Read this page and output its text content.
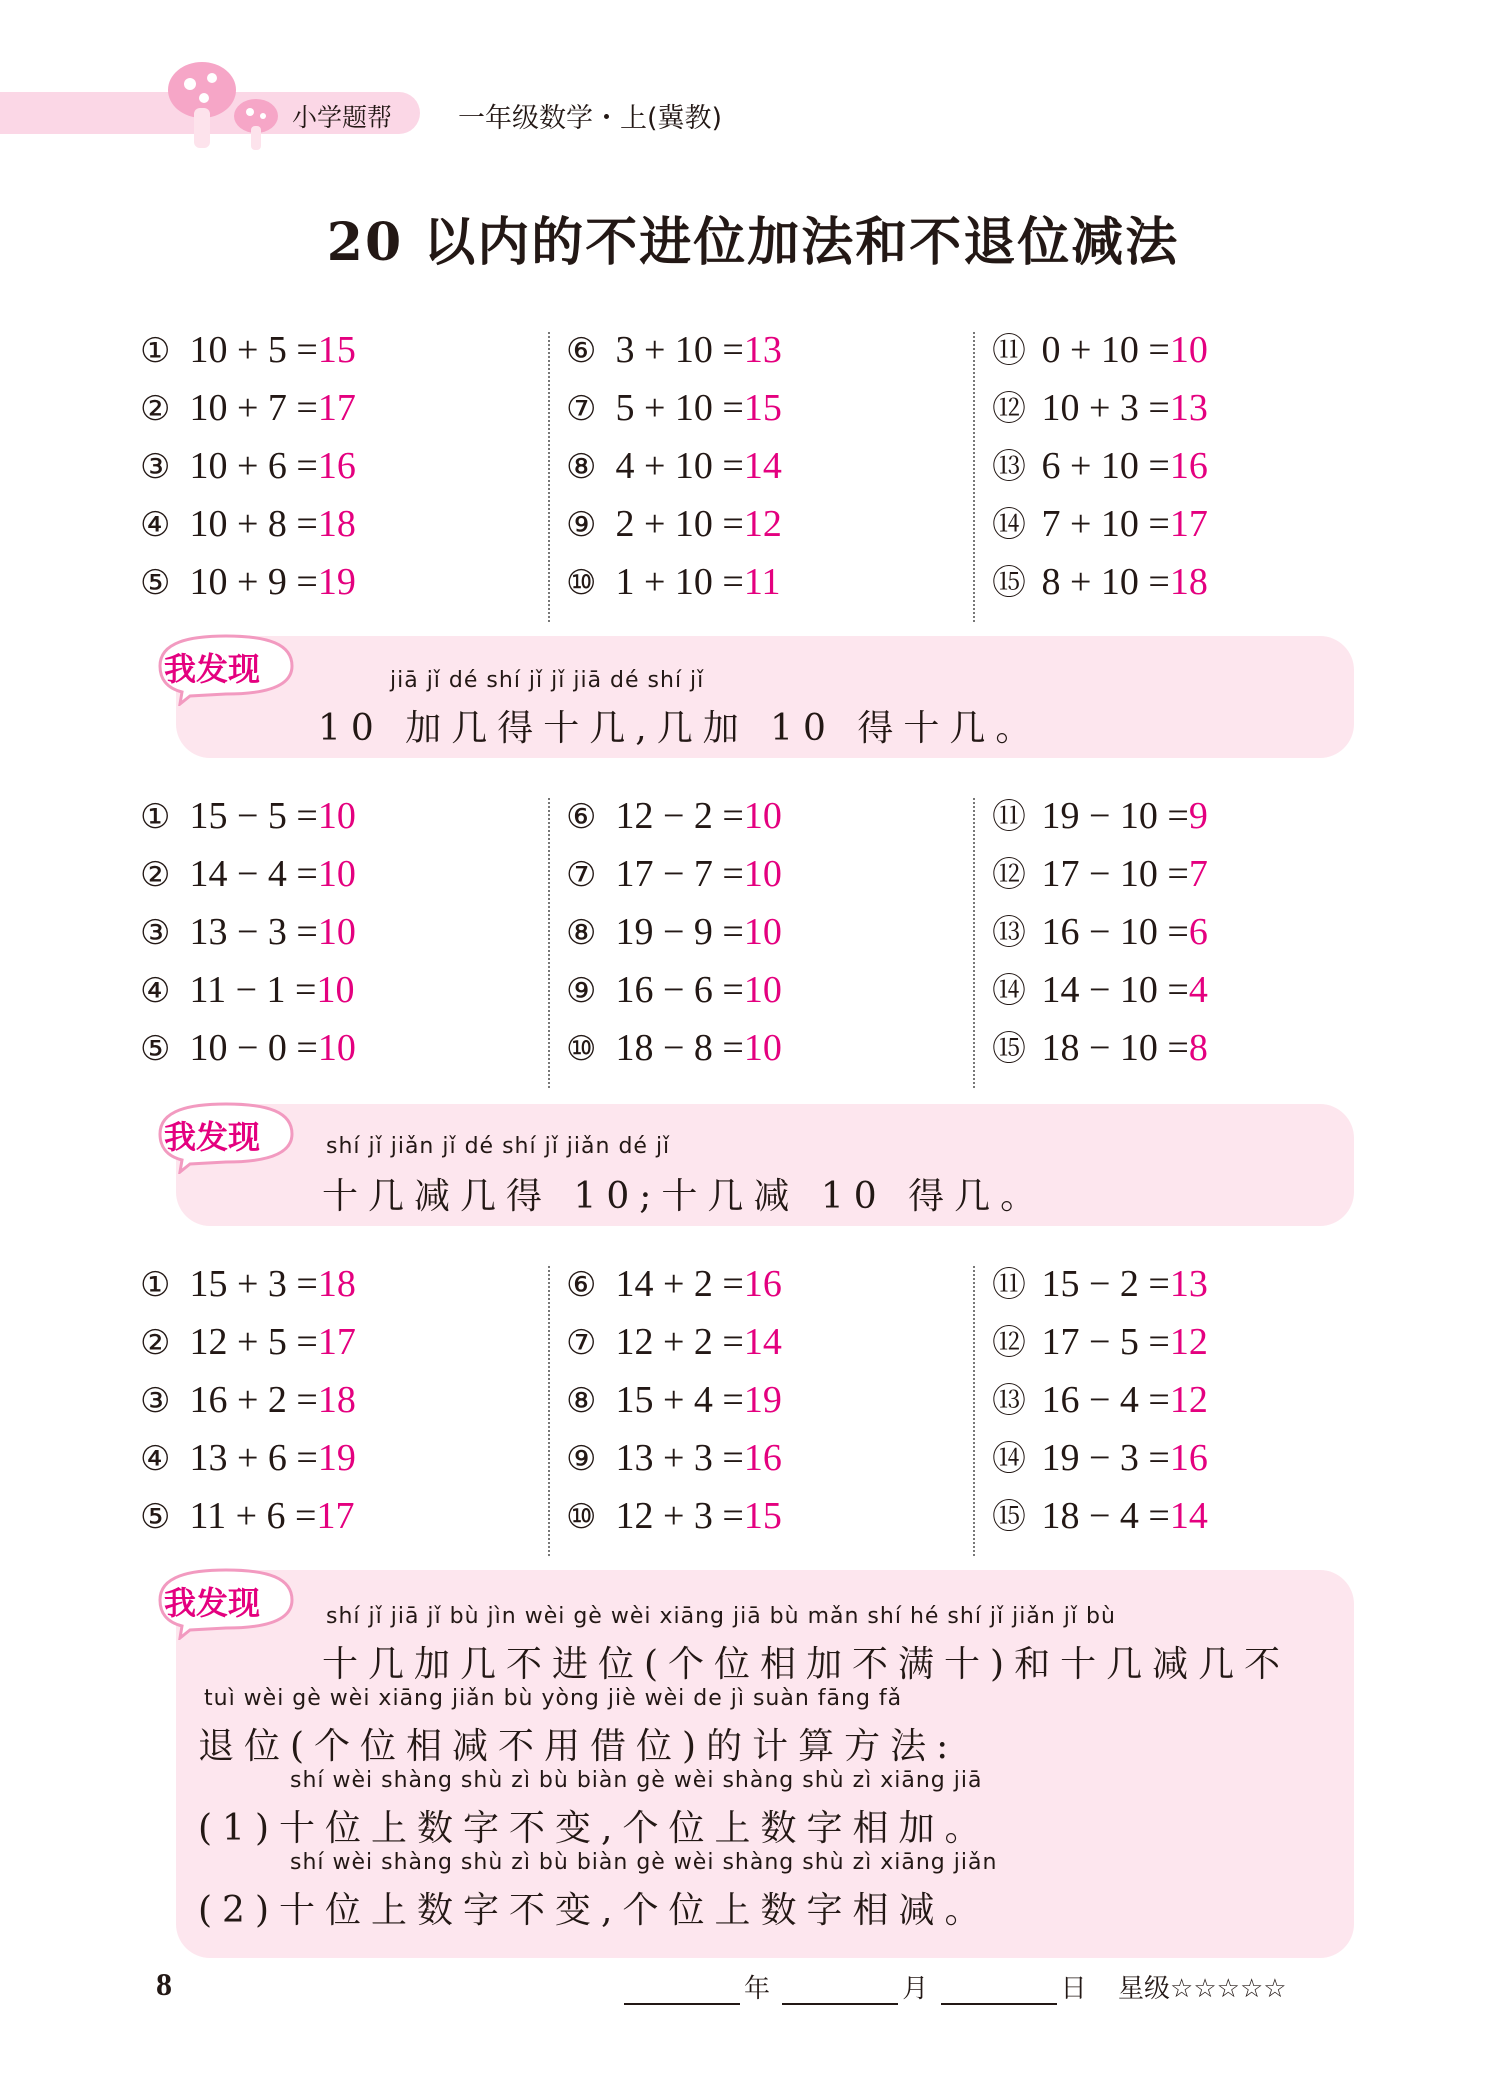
小学题帮 一年级数学・上(冀教)
20 以内的不进位加法和不退位减法
① 10 + 5 =15
② 10 + 7 =17
③ 10 + 6 =16
④ 10 + 8 =18
⑤ 10 + 9 =19
⑥ 3 + 10 =13
⑦ 5 + 10 =15
⑧ 4 + 10 =14
⑨ 2 + 10 =12
⑩ 1 + 10 =11
⑪ 0 + 10 =10
⑫ 10 + 3 =13
⑬ 6 + 10 =16
⑭ 7 + 10 =17
⑮ 8 + 10 =18
我发现	jiā jǐ dé shí jǐ jǐ jiā dé shí jǐ
10 加几得十几,几加 10 得十几。
① 15 − 5 =10
② 14 − 4 =10
③ 13 − 3 =10
④ 11 − 1 =10
⑤ 10 − 0 =10
⑥ 12 − 2 =10
⑦ 17 − 7 =10
⑧ 19 − 9 =10
⑨ 16 − 6 =10
⑩ 18 − 8 =10
⑪ 19 − 10 =9
⑫ 17 − 10 =7
⑬ 16 − 10 =6
⑭ 14 − 10 =4
⑮ 18 − 10 =8
我发现	shí jǐ jiǎn jǐ dé shí jǐ jiǎn dé jǐ
十几减几得 10;十几减 10 得几。
① 15 + 3 =18
② 12 + 5 =17
③ 16 + 2 =18
④ 13 + 6 =19
⑤ 11 + 6 =17
⑥ 14 + 2 =16
⑦ 12 + 2 =14
⑧ 15 + 4 =19
⑨ 13 + 3 =16
⑩ 12 + 3 =15
⑪ 15 − 2 =13
⑫ 17 − 5 =12
⑬ 16 − 4 =12
⑭ 19 − 3 =16
⑮ 18 − 4 =14
我发现	shí jǐ jiā jǐ bù jìn wèi gè wèi xiāng jiā bù mǎn shí hé shí jǐ jiǎn jǐ bù
十几加几不进位(个位相加不满十)和十几减几不
tuì wèi gè wèi xiāng jiǎn bù yòng jiè wèi de jì suàn fāng fǎ
退位(个位相减不用借位)的计算方法:
shí wèi shàng shù zì bù biàn gè wèi shàng shù zì xiāng jiā
(1)十位上数字不变,个位上数字相加。
shí wèi shàng shù zì bù biàn gè wèi shàng shù zì xiāng jiǎn
(2)十位上数字不变,个位上数字相减。
8	年	月	日 星级☆☆☆☆☆
